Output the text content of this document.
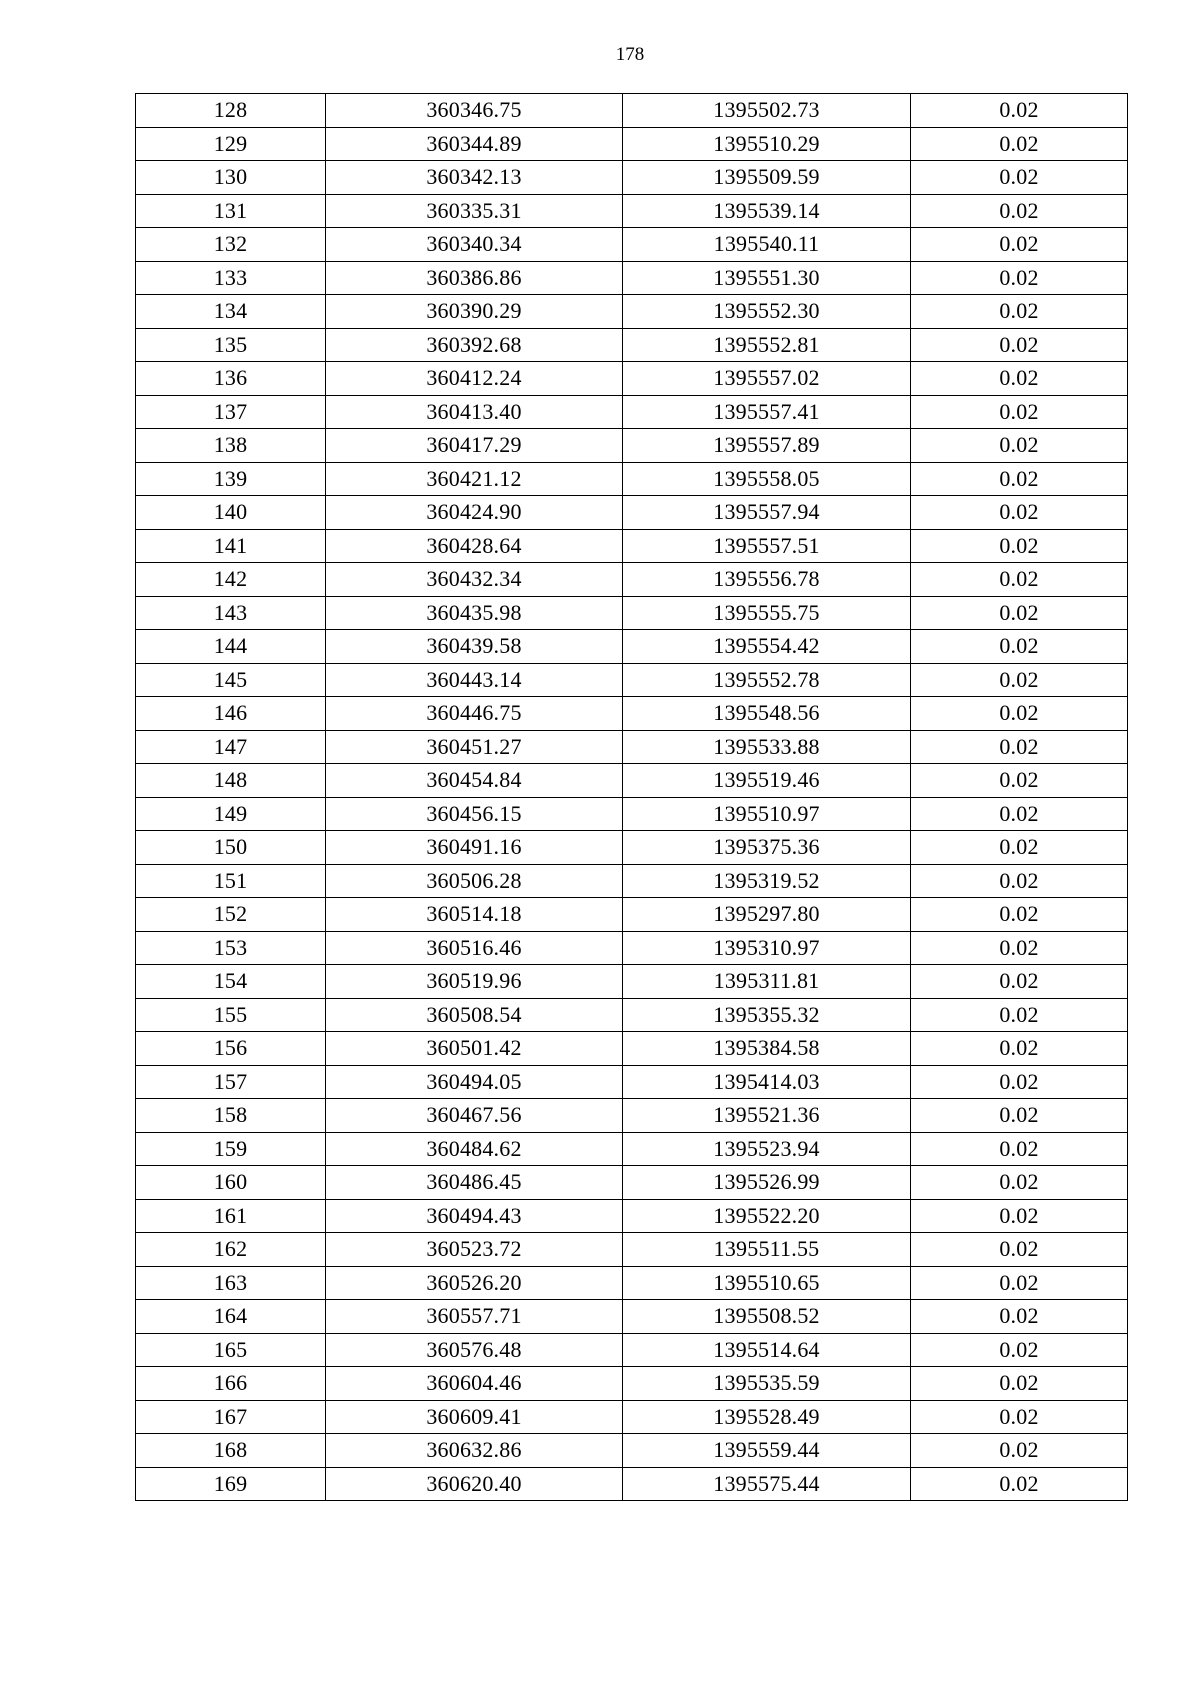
178
128	360346.75	1395502.73	0.02
129	360344.89	1395510.29	0.02
130	360342.13	1395509.59	0.02
131	360335.31	1395539.14	0.02
132	360340.34	1395540.11	0.02
133	360386.86	1395551.30	0.02
134	360390.29	1395552.30	0.02
135	360392.68	1395552.81	0.02
136	360412.24	1395557.02	0.02
137	360413.40	1395557.41	0.02
138	360417.29	1395557.89	0.02
139	360421.12	1395558.05	0.02
140	360424.90	1395557.94	0.02
141	360428.64	1395557.51	0.02
142	360432.34	1395556.78	0.02
143	360435.98	1395555.75	0.02
144	360439.58	1395554.42	0.02
145	360443.14	1395552.78	0.02
146	360446.75	1395548.56	0.02
147	360451.27	1395533.88	0.02
148	360454.84	1395519.46	0.02
149	360456.15	1395510.97	0.02
150	360491.16	1395375.36	0.02
151	360506.28	1395319.52	0.02
152	360514.18	1395297.80	0.02
153	360516.46	1395310.97	0.02
154	360519.96	1395311.81	0.02
155	360508.54	1395355.32	0.02
156	360501.42	1395384.58	0.02
157	360494.05	1395414.03	0.02
158	360467.56	1395521.36	0.02
159	360484.62	1395523.94	0.02
160	360486.45	1395526.99	0.02
161	360494.43	1395522.20	0.02
162	360523.72	1395511.55	0.02
163	360526.20	1395510.65	0.02
164	360557.71	1395508.52	0.02
165	360576.48	1395514.64	0.02
166	360604.46	1395535.59	0.02
167	360609.41	1395528.49	0.02
168	360632.86	1395559.44	0.02
169	360620.40	1395575.44	0.02
